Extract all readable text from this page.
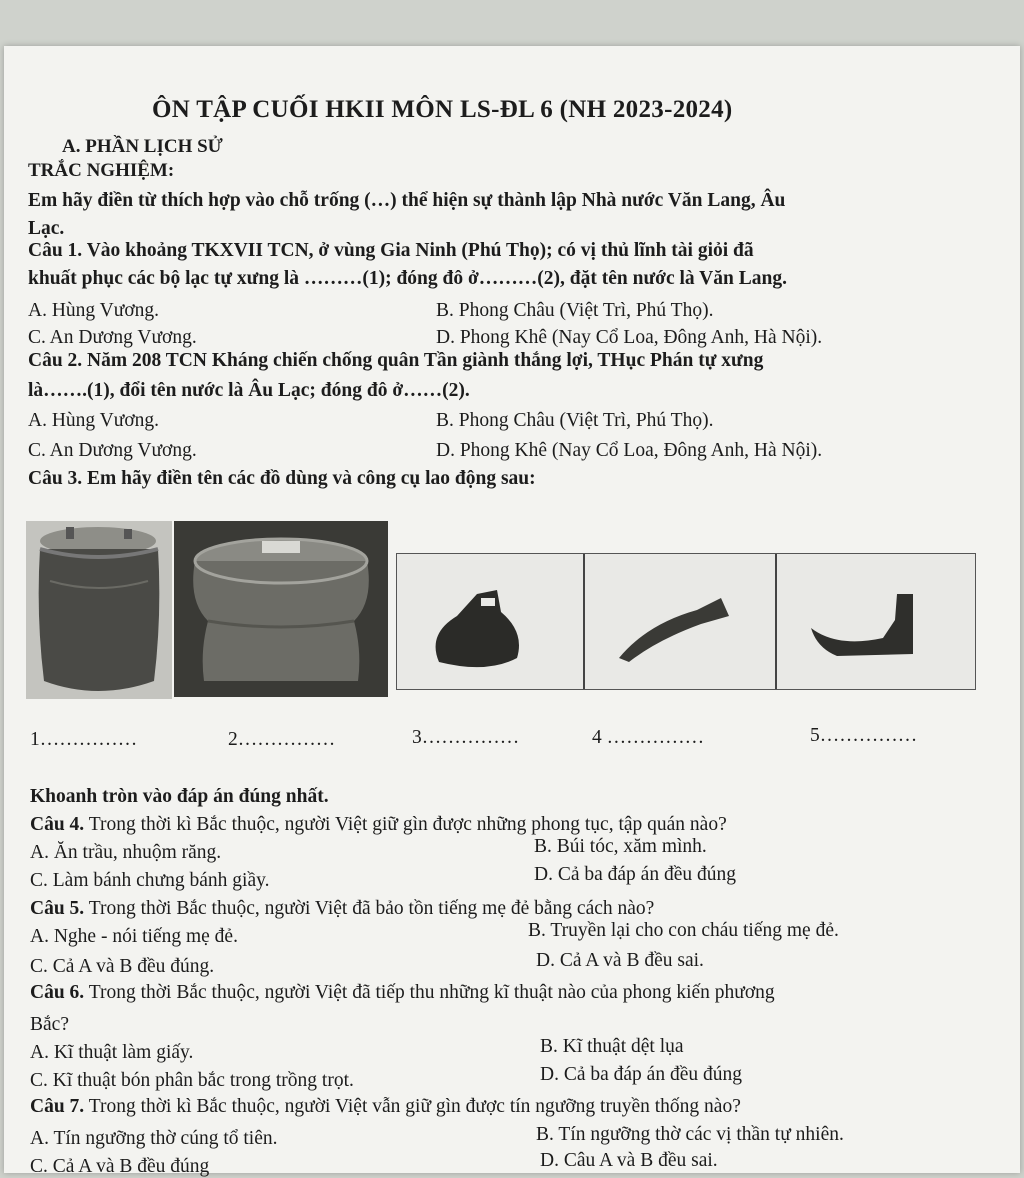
ÔN TẬP CUỐI HKII MÔN LS-ĐL 6 (NH 2023-2024)
A. PHẦN LỊCH SỬ
TRẮC NGHIỆM:
Em hãy điền từ thích hợp vào chỗ trống (…) thể hiện sự thành lập Nhà nước Văn Lang, Âu
Lạc.
Câu 1. Vào khoảng TKXVII TCN, ở vùng Gia Ninh (Phú Thọ); có vị thủ lĩnh tài giỏi đã
khuất phục các bộ lạc tự xưng là ………(1); đóng đô ở………(2), đặt tên nước là Văn Lang.
A. Hùng Vương.	B. Phong Châu (Việt Trì, Phú Thọ).
C. An Dương Vương.	D. Phong Khê (Nay Cổ Loa, Đông Anh, Hà Nội).
Câu 2. Năm 208 TCN Kháng chiến chống quân Tần giành thắng lợi, THục Phán tự xưng
là…….(1), đổi tên nước là Âu Lạc; đóng đô ở……(2).
A. Hùng Vương.	B. Phong Châu (Việt Trì, Phú Thọ).
C. An Dương Vương.	D. Phong Khê (Nay Cổ Loa, Đông Anh, Hà Nội).
Câu 3. Em hãy điền tên các đồ dùng và công cụ lao động sau:
1……………	2……………	3……………	4 ……………	5……………
Khoanh tròn vào đáp án đúng nhất.
Câu 4. Trong thời kì Bắc thuộc, người Việt giữ gìn được những phong tục, tập quán nào?
A. Ăn trầu, nhuộm răng.	B. Búi tóc, xăm mình.
C. Làm bánh chưng bánh giầy.	D. Cả ba đáp án đều đúng
Câu 5. Trong thời Bắc thuộc, người Việt đã bảo tồn tiếng mẹ đẻ bằng cách nào?
A. Nghe - nói tiếng mẹ đẻ.	B. Truyền lại cho con cháu tiếng mẹ đẻ.
C. Cả A và B đều đúng.	D. Cả A và B đều sai.
Câu 6. Trong thời Bắc thuộc, người Việt đã tiếp thu những kĩ thuật nào của phong kiến phương
Bắc?
A. Kĩ thuật làm giấy.	B. Kĩ thuật dệt lụa
C. Kĩ thuật bón phân bắc trong trồng trọt.	D. Cả ba đáp án đều đúng
Câu 7. Trong thời kì Bắc thuộc, người Việt vẫn giữ gìn được tín ngưỡng truyền thống nào?
A. Tín ngưỡng thờ cúng tổ tiên.	B. Tín ngưỡng thờ các vị thần tự nhiên.
C. Cả A và B đều đúng	D. Câu A và B đều sai.
